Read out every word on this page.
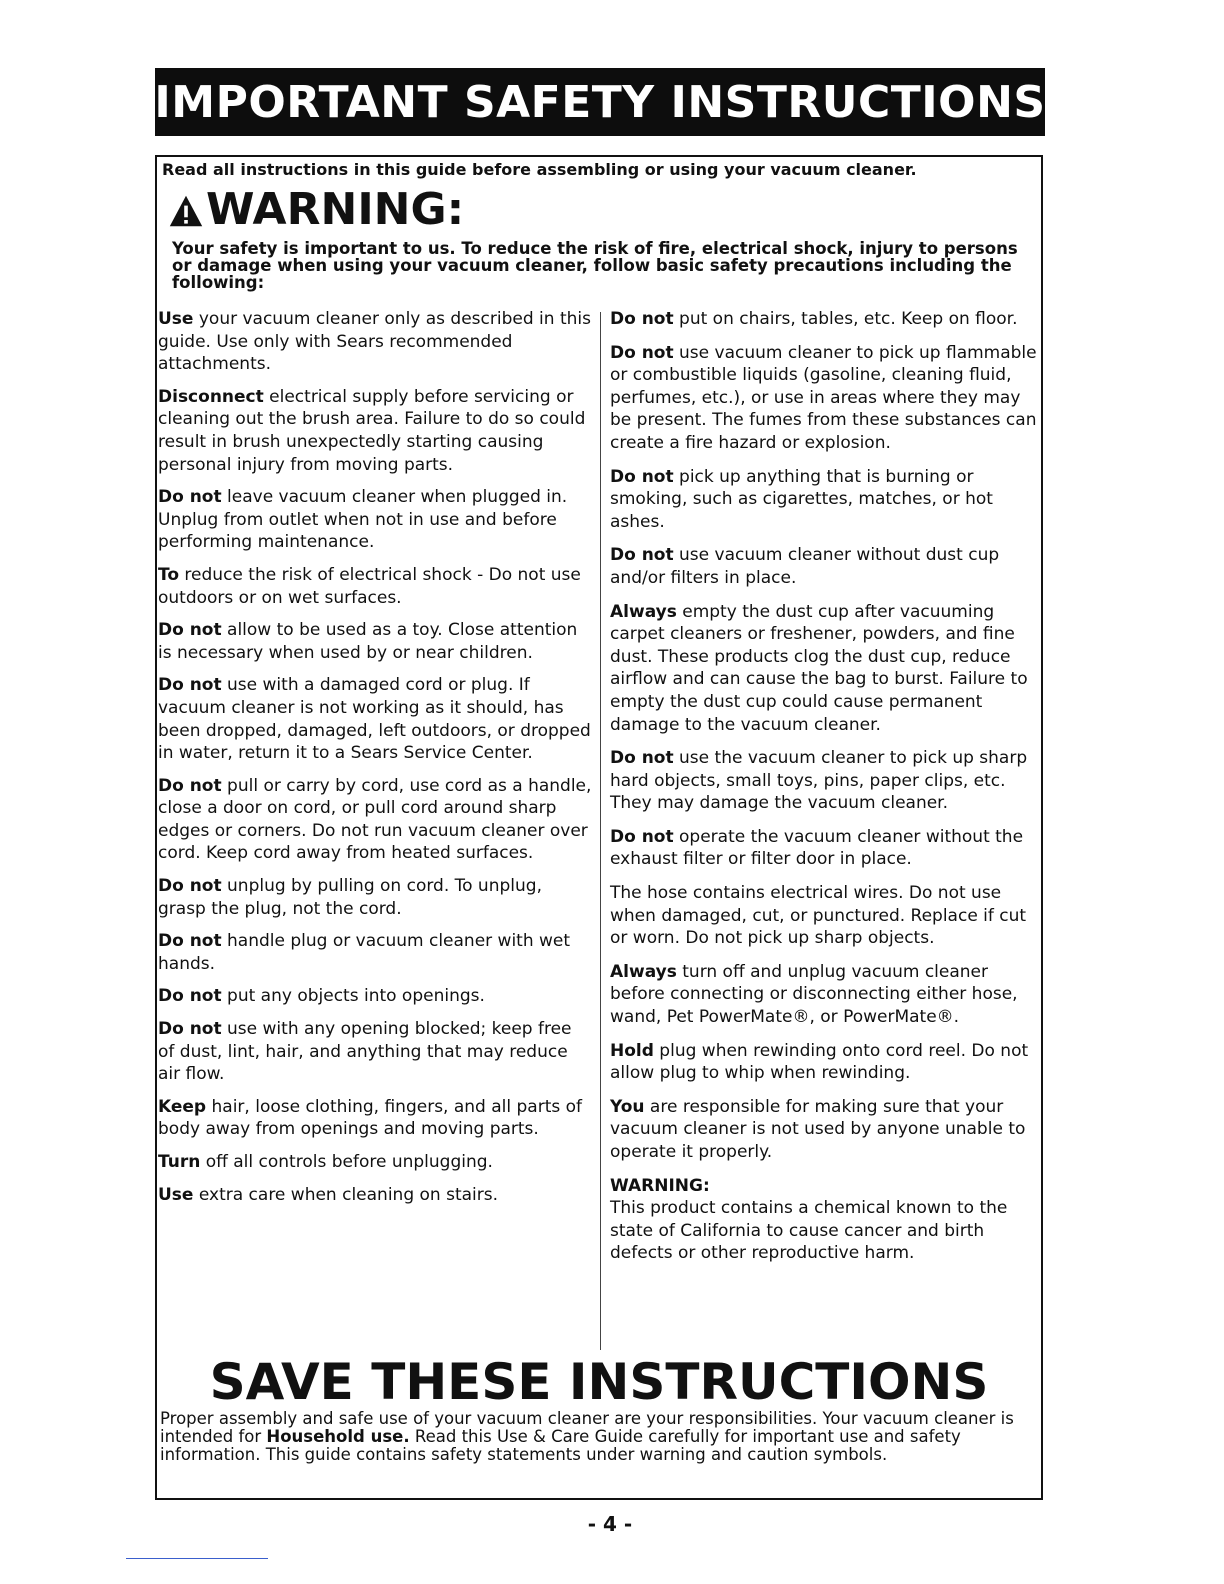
IMPORTANT SAFETY INSTRUCTIONS
Read all instructions in this guide before assembling or using your vacuum cleaner.
WARNING:
Your safety is important to us. To reduce the risk of fire, electrical shock, injury to persons or damage when using your vacuum cleaner, follow basic safety precautions including the following:
Use your vacuum cleaner only as described in this guide. Use only with Sears recommended attachments.
Disconnect electrical supply before servicing or cleaning out the brush area. Failure to do so could result in brush unexpectedly starting causing personal injury from moving parts.
Do not leave vacuum cleaner when plugged in. Unplug from outlet when not in use and before performing maintenance.
To reduce the risk of electrical shock - Do not use outdoors or on wet surfaces.
Do not allow to be used as a toy. Close attention is necessary when used by or near children.
Do not use with a damaged cord or plug. If vacuum cleaner is not working as it should, has been dropped, damaged, left outdoors, or dropped in water, return it to a Sears Service Center.
Do not pull or carry by cord, use cord as a handle, close a door on cord, or pull cord around sharp edges or corners. Do not run vacuum cleaner over cord. Keep cord away from heated surfaces.
Do not unplug by pulling on cord. To unplug, grasp the plug, not the cord.
Do not handle plug or vacuum cleaner with wet hands.
Do not put any objects into openings.
Do not use with any opening blocked; keep free of dust, lint, hair, and anything that may reduce air flow.
Keep hair, loose clothing, fingers, and all parts of body away from openings and moving parts.
Turn off all controls before unplugging.
Use extra care when cleaning on stairs.
Do not put on chairs, tables, etc. Keep on floor.
Do not use vacuum cleaner to pick up flammable or combustible liquids (gasoline, cleaning fluid, perfumes, etc.), or use in areas where they may be present. The fumes from these substances can create a fire hazard or explosion.
Do not pick up anything that is burning or smoking, such as cigarettes, matches, or hot ashes.
Do not use vacuum cleaner without dust cup and/or filters in place.
Always empty the dust cup after vacuuming carpet cleaners or freshener, powders, and fine dust. These products clog the dust cup, reduce airflow and can cause the bag to burst. Failure to empty the dust cup could cause permanent damage to the vacuum cleaner.
Do not use the vacuum cleaner to pick up sharp hard objects, small toys, pins, paper clips, etc. They may damage the vacuum cleaner.
Do not operate the vacuum cleaner without the exhaust filter or filter door in place.
The hose contains electrical wires. Do not use when damaged, cut, or punctured. Replace if cut or worn. Do not pick up sharp objects.
Always turn off and unplug vacuum cleaner before connecting or disconnecting either hose, wand, Pet PowerMate®, or PowerMate®.
Hold plug when rewinding onto cord reel. Do not allow plug to whip when rewinding.
You are responsible for making sure that your vacuum cleaner is not used by anyone unable to operate it properly.
WARNING:
This product contains a chemical known to the state of California to cause cancer and birth defects or other reproductive harm.
SAVE THESE INSTRUCTIONS
Proper assembly and safe use of your vacuum cleaner are your responsibilities. Your vacuum cleaner is intended for Household use. Read this Use & Care Guide carefully for important use and safety information. This guide contains safety statements under warning and caution symbols.
- 4 -
